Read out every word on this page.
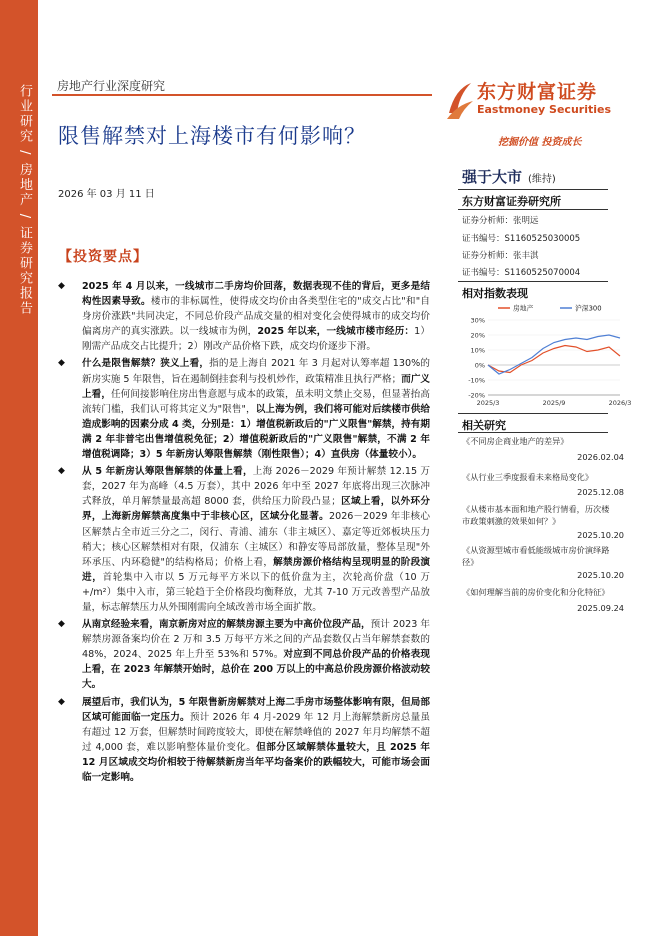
行业研究 / 房地产 / 证券研究报告 房地产行业深度研究
限售解禁对上海楼市有何影响？
2026 年 03 月 11 日
东方财富证券
Eastmoney Securities
挖掘价值 投资成长
强于大市 (维持)
东方财富证券研究所
证券分析师：张明远
证书编号：S1160525030005
证券分析师：张丰淇
证书编号：S1160525070004
相对指数表现
30%
20%
10%
0%
-10%
-20%
2025/3	2025/9	2026/3
房地产	沪深300
相关研究
《不同房企商业地产的差异》
2026.02.04
《从行业三季度报看未来格局变化》
2025.12.08
《从楼市基本面和地产股行情看，历次楼市政策刺激的效果如何？》
2025.10.20
《从资源型城市看低能级城市房价演绎路径》
2025.10.20
《如何理解当前的房价变化和分化特征》
2025.09.24
【投资要点】
◆ 2025 年 4 月以来，一线城市二手房均价回落，数据表现不佳的背后，更多是结构性因素导致。楼市的非标属性，使得成交均价由各类型住宅的"成交占比"和"自身房价涨跌"共同决定，不同总价段产品成交量的相对变化会使得城市的成交均价偏离房产的真实涨跌。以一线城市为例，2025 年以来，一线城市楼市经历：1）刚需产品成交占比提升；2）刚改产品价格下跌，成交均价逐步下滑。
◆ 什么是限售解禁？狭义上看，指的是上海自 2021 年 3 月起对认筹率超 130%的新房实施 5 年限售，旨在遏制倒挂套利与投机炒作，政策精准且执行严格；而广义上看，任何间接影响住房出售意愿与成本的政策，虽未明文禁止交易，但显著抬高流转门槛，我们认可将其定义为"限售"，以上海为例，我们将可能对后续楼市供给造成影响的因素分成 4 类，分别是：1）增值税新政后的"广义限售"解禁，持有期满 2 年非普宅出售增值税免征；2）增值税新政后的"广义限售"解禁，不满 2 年增值税调降；3）5 年新房认筹限售解禁（刚性限售）；4）直供房（体量较小）。
◆ 从 5 年新房认筹限售解禁的体量上看，上海 2026－2029 年预计解禁 12.15 万套，2027 年为高峰（4.5 万套），其中 2026 年中至 2027 年底将出现三次脉冲式释放，单月解禁量最高超 8000 套，供给压力阶段凸显；区域上看，以外环分界，上海新房解禁高度集中于非核心区，区域分化显著。2026－2029 年非核心区解禁占全市近三分之二，闵行、青浦、浦东（非主城区）、嘉定等近郊板块压力稍大；核心区解禁相对有限，仅浦东（主城区）和静安等局部放量，整体呈现"外环承压、内环稳健"的结构格局；价格上看，解禁房源价格结构呈现明显的阶段演进，首轮集中入市以 5 万元每平方米以下的低价盘为主，次轮高价盘（10 万+/m²）集中入市，第三轮趋于全价格段均衡释放，尤其 7-10 万元改善型产品放量，标志解禁压力从外围刚需向全域改善市场全面扩散。
◆ 从南京经验来看，南京新房对应的解禁房源主要为中高价位段产品，预计 2023 年解禁房源备案均价在 2 万和 3.5 万每平方米之间的产品套数仅占当年解禁套数的 48%，2024、2025 年上升至 53%和 57%。对应到不同总价段产品的价格表现上看，在 2023 年解禁开始时，总价在 200 万以上的中高总价段房源价格波动较大。
◆ 展望后市，我们认为，5 年限售新房解禁对上海二手房市场整体影响有限，但局部区域可能面临一定压力。预计 2026 年 4 月-2029 年 12 月上海解禁新房总量虽有超过 12 万套，但解禁时间跨度较大，即使在解禁峰值的 2027 年月均解禁不超过 4,000 套，难以影响整体量价变化。但部分区域解禁体量较大，且 2025 年 12 月区域成交均价相较于待解禁新房当年平均备案价的跌幅较大，可能市场会面临一定影响。
